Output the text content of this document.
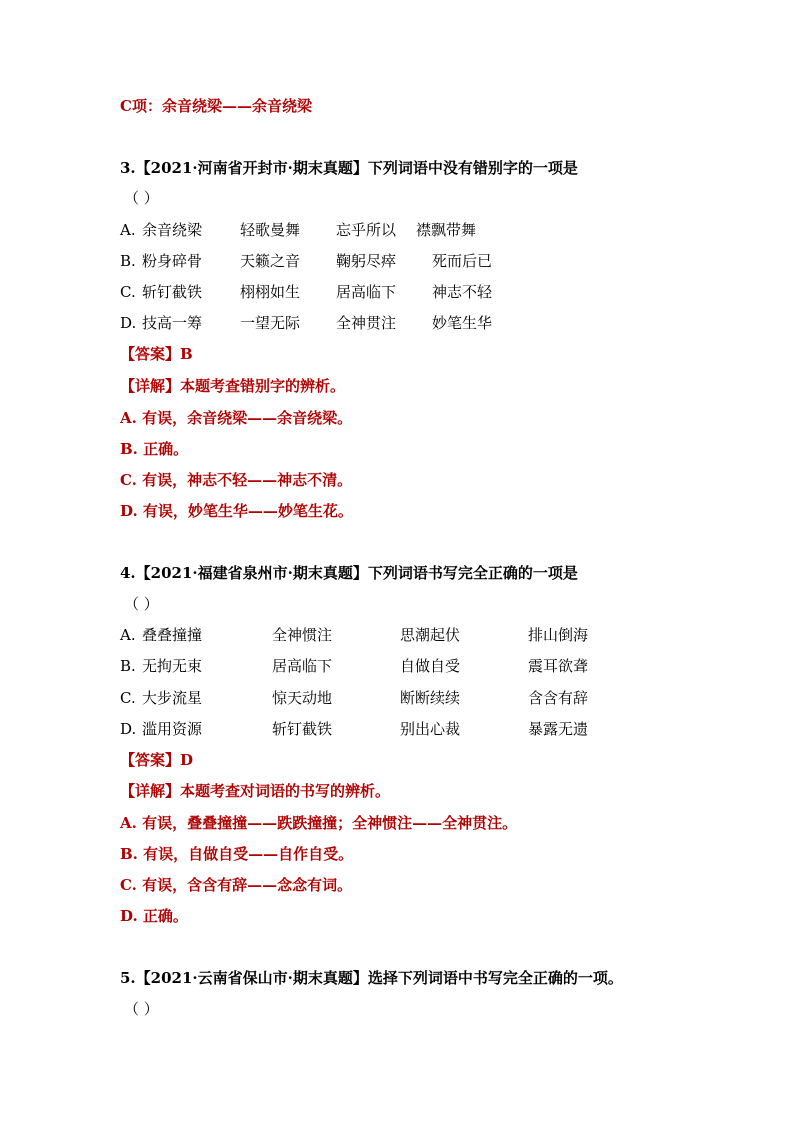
C项：余音绕梁——余音绕梁
3.【2021·河南省开封市·期末真题】下列词语中没有错别字的一项是
（ ）
A. 余音绕梁	轻歌曼舞 忘乎所以 襟飘带舞
B. 粉身碎骨	天籁之音 鞠躬尽瘁 死而后已
C. 斩钉截铁	栩栩如生 居高临下 神志不轻
D. 技高一筹	一望无际 全神贯注 妙笔生华
【答案】B
【详解】本题考查错别字的辨析。
A. 有误，余音绕梁——余音绕梁。
B. 正确。
C. 有误，神志不轻——神志不清。
D. 有误，妙笔生华——妙笔生花。
4.【2021·福建省泉州市·期末真题】下列词语书写完全正确的一项是
（ ）
A. 叠叠撞撞	全神惯注	思潮起伏	排山倒海
B. 无拘无束	居高临下	自做自受	震耳欲聋
C. 大步流星	惊天动地	断断续续	含含有辞
D. 滥用资源	斩钉截铁	别出心裁	暴露无遗
【答案】D
【详解】本题考查对词语的书写的辨析。
A. 有误，叠叠撞撞——跌跌撞撞；全神惯注——全神贯注。
B. 有误，自做自受——自作自受。
C. 有误，含含有辞——念念有词。
D. 正确。
5.【2021·云南省保山市·期末真题】选择下列词语中书写完全正确的一项。
（ ）
